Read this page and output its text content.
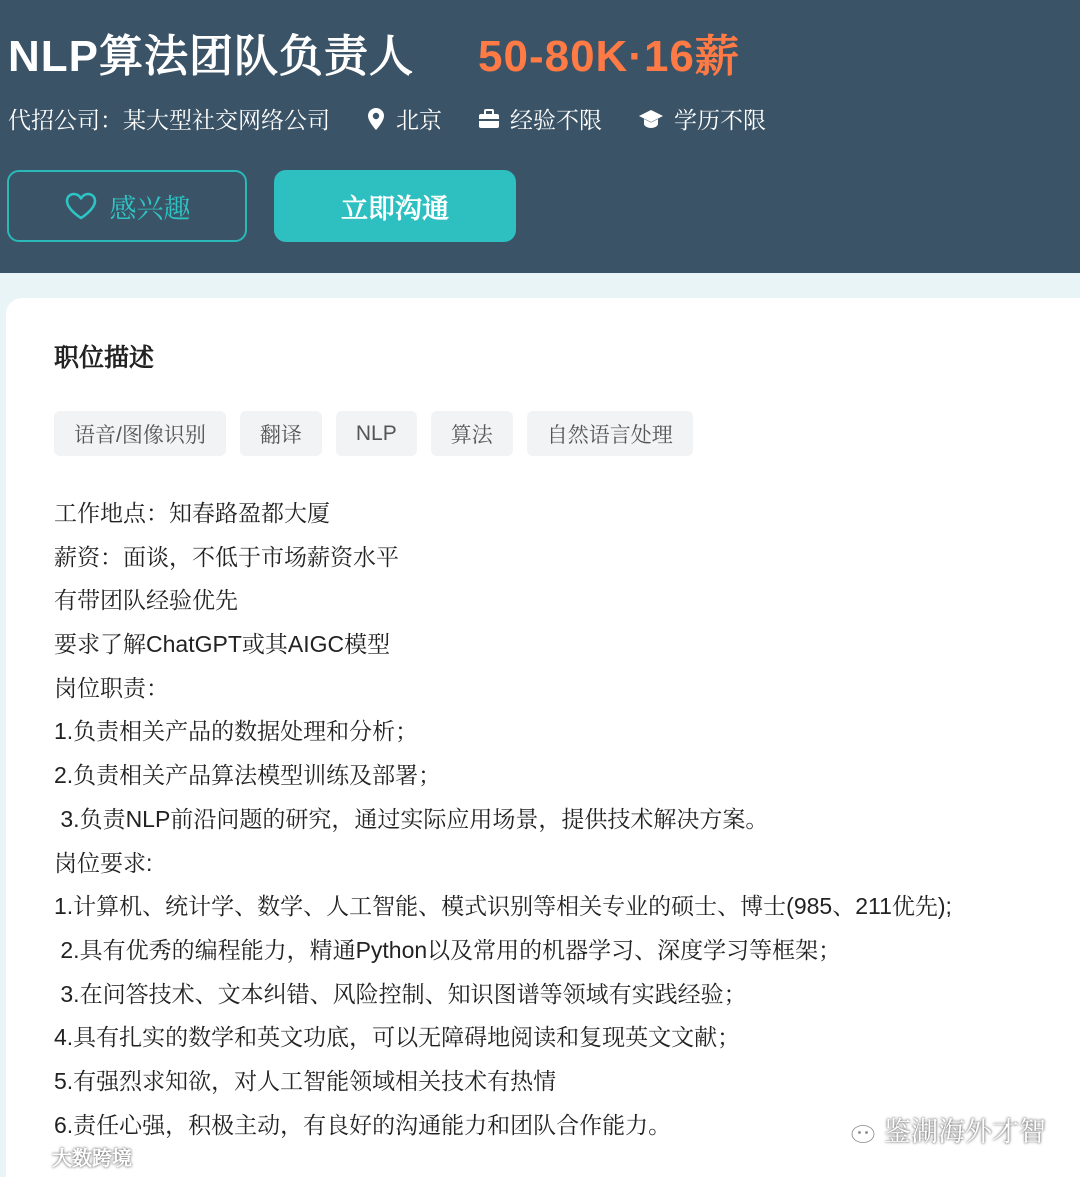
NLP算法团队负责人 50-80K·16薪
代招公司：某大型社交网络公司	北京	经验不限	学历不限
感兴趣	立即沟通
职位描述
语音/图像识别	翻译	NLP	算法	自然语言处理
工作地点：知春路盈都大厦
薪资：面谈，不低于市场薪资水平
有带团队经验优先
要求了解ChatGPT或其AIGC模型
岗位职责：
1.负责相关产品的数据处理和分析；
2.负责相关产品算法模型训练及部署；
3.负责NLP前沿问题的研究，通过实际应用场景，提供技术解决方案。
岗位要求:
1.计算机、统计学、数学、人工智能、模式识别等相关专业的硕士、博士(985、211优先);
2.具有优秀的编程能力，精通Python以及常用的机器学习、深度学习等框架；
3.在问答技术、文本纠错、风险控制、知识图谱等领域有实践经验；
4.具有扎实的数学和英文功底，可以无障碍地阅读和复现英文文献；
5.有强烈求知欲，对人工智能领域相关技术有热情
6.责任心强，积极主动，有良好的沟通能力和团队合作能力。
大数跨境
鉴湖海外才智
